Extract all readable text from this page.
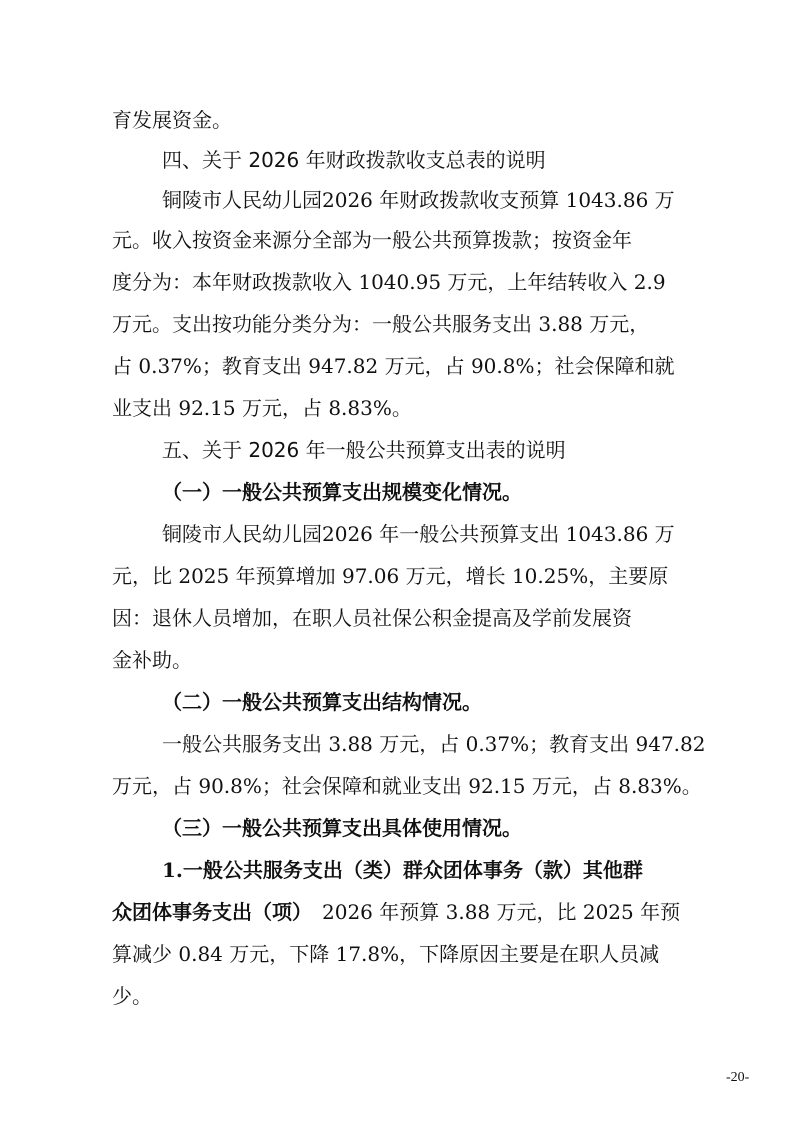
育发展资金。
四、关于 2026 年财政拨款收支总表的说明
铜陵市人民幼儿园2026 年财政拨款收支预算 1043.86 万
元。收入按资金来源分全部为一般公共预算拨款；按资金年
度分为：本年财政拨款收入 1040.95 万元，上年结转收入 2.9
万元。支出按功能分类分为：一般公共服务支出 3.88 万元，
占 0.37%；教育支出 947.82 万元，占 90.8%；社会保障和就
业支出 92.15 万元，占 8.83%。
五、关于 2026 年一般公共预算支出表的说明
（一）一般公共预算支出规模变化情况。
铜陵市人民幼儿园2026 年一般公共预算支出 1043.86 万
元，比 2025 年预算增加 97.06 万元，增长 10.25%，主要原
因：退休人员增加，在职人员社保公积金提高及学前发展资
金补助。
（二）一般公共预算支出结构情况。
一般公共服务支出 3.88 万元，占 0.37%；教育支出 947.82
万元，占 90.8%；社会保障和就业支出 92.15 万元，占 8.83%。
（三）一般公共预算支出具体使用情况。
1.一般公共服务支出（类）群众团体事务（款）其他群
众团体事务支出（项） 2026 年预算 3.88 万元，比 2025 年预
算减少 0.84 万元，下降 17.8%，下降原因主要是在职人员减
少。
-20-
